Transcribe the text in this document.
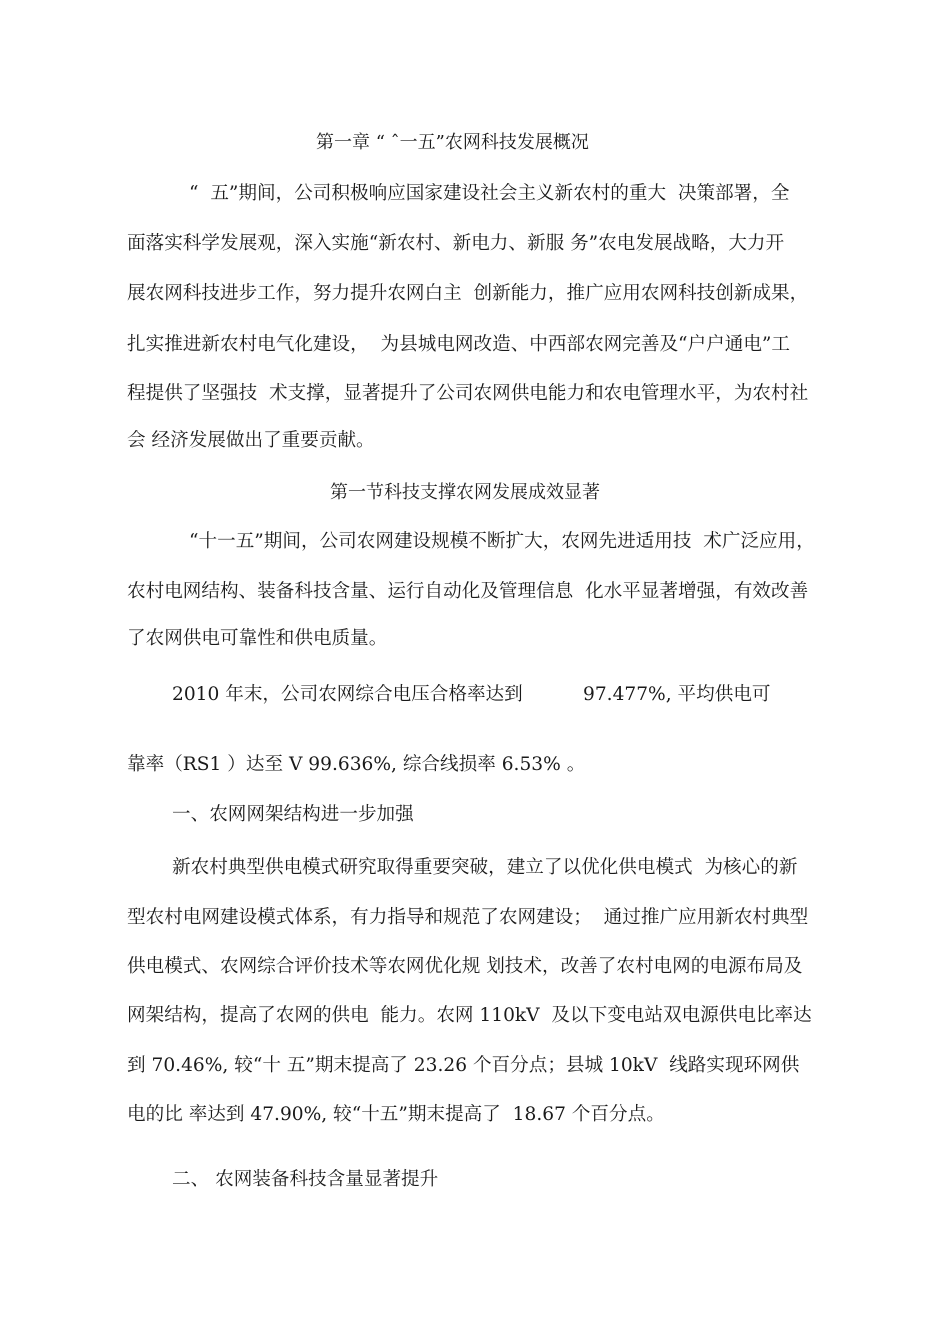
第一章 “ ˆ一五”农网科技发展概况

“  五”期间，公司积极响应国家建设社会主义新农村的重大  决策部署，全

面落实科学发展观，深入实施“新农村、新电力、新服 务”农电发展战略，大力开

展农网科技进步工作，努力提升农网白主  创新能力，推广应用农网科技创新成果，

扎实推进新农村电气化建设，  为县城电网改造、中西部农网完善及“户户通电”工

程提供了坚强技  术支撑，显著提升了公司农网供电能力和农电管理水平，为农村社

会 经济发展做出了重要贡献。

第一节科技支撑农网发展成效显著

“十一五”期间，公司农网建设规模不断扩大，农网先进适用技  术广泛应用，

农村电网结构、装备科技含量、运行自动化及管理信息  化水平显著增强，有效改善

了农网供电可靠性和供电质量。

2010 年末，公司农网综合电压合格率达到	97.477%, 平均供电可

靠率（RS1 ）达至 V 99.636%, 综合线损率 6.53% 。

一、农网网架结构进一步加强

新农村典型供电模式研究取得重要突破，建立了以优化供电模式  为核心的新

型农村电网建设模式体系，有力指导和规范了农网建设；  通过推广应用新农村典型

供电模式、农网综合评价技术等农网优化规 划技术，改善了农村电网的电源布局及

网架结构，提高了农网的供电  能力。农网 110kV  及以下变电站双电源供电比率达

到 70.46%, 较“十 五”期末提高了 23.26 个百分点；县城 10kV  线路实现环网供

电的比 率达到 47.90%, 较“十五”期末提高了  18.67 个百分点。

二、 农网装备科技含量显著提升
